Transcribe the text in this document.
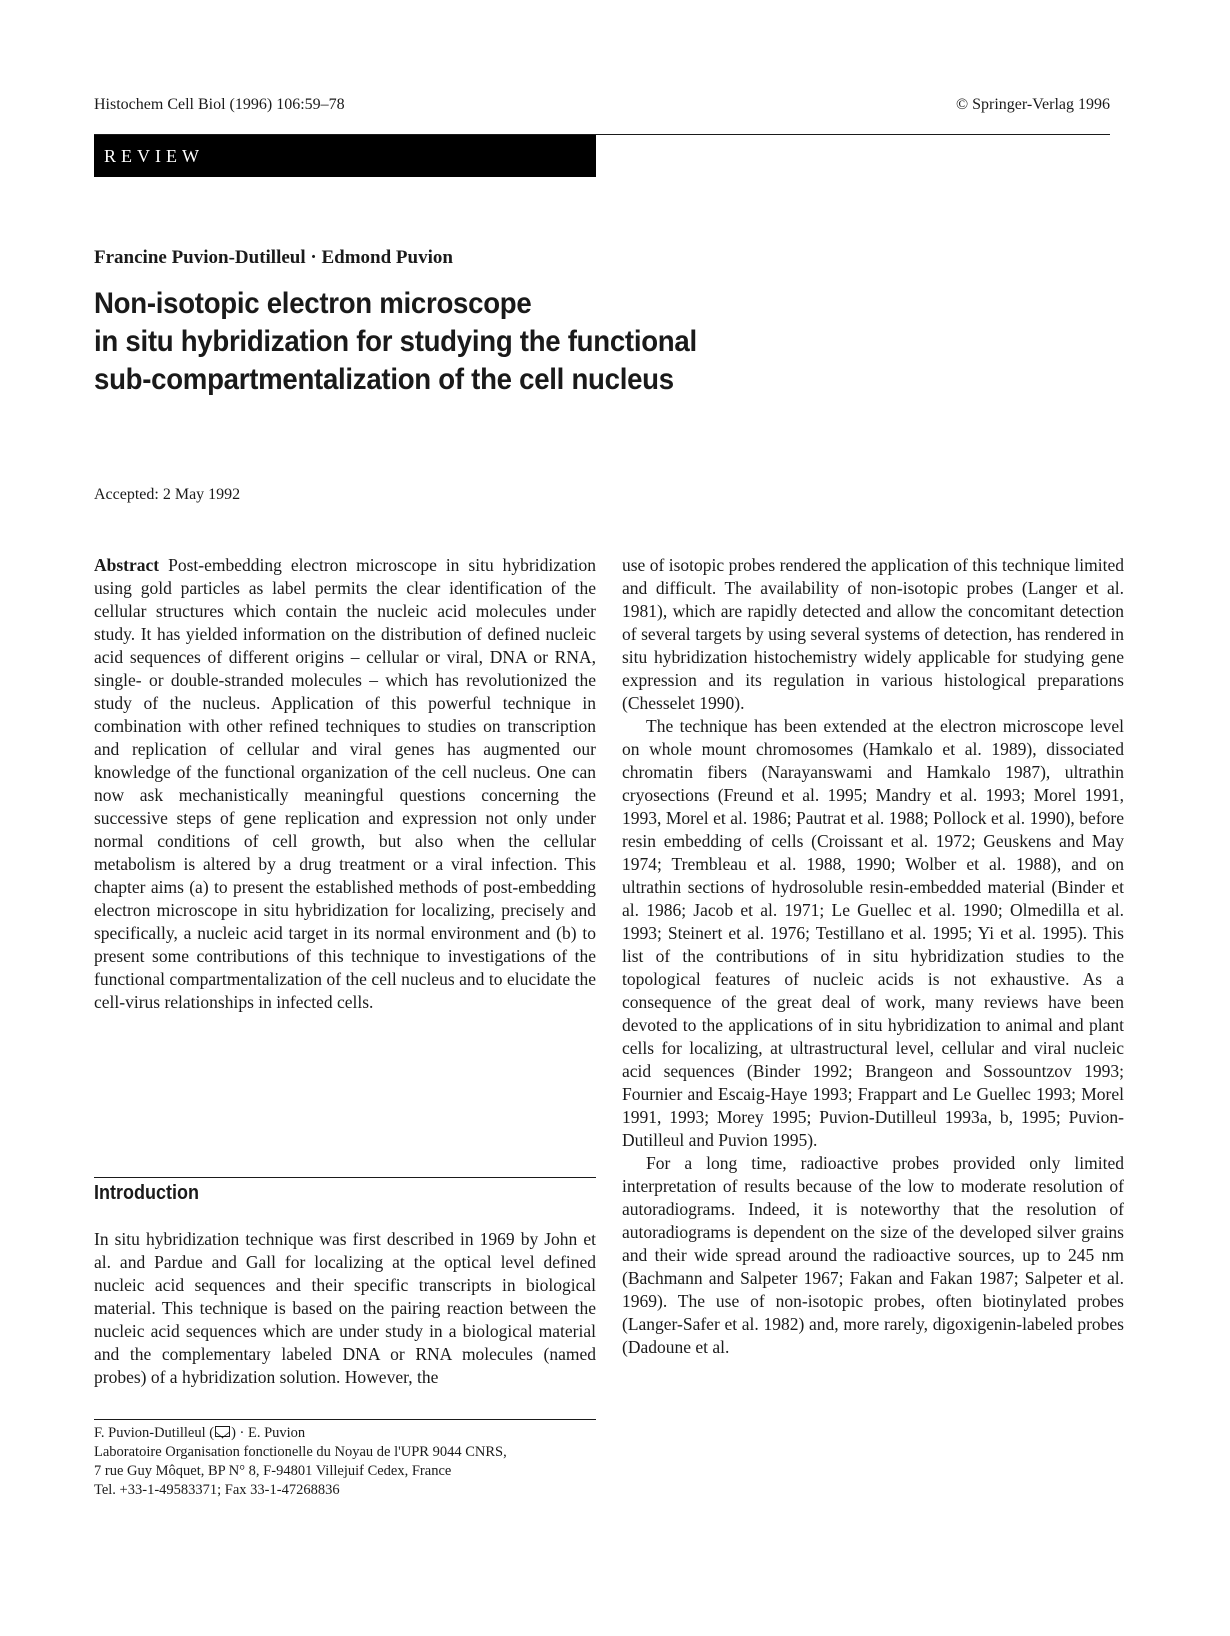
Histochem Cell Biol (1996) 106:59–78	© Springer-Verlag 1996
REVIEW
Francine Puvion-Dutilleul · Edmond Puvion
Non-isotopic electron microscope
in situ hybridization for studying the functional
sub-compartmentalization of the cell nucleus
Accepted: 2 May 1992

Abstract Post-embedding electron microscope in situ hybridization using gold particles as label permits the clear identification of the cellular structures which contain the nucleic acid molecules under study. It has yielded information on the distribution of defined nucleic acid sequences of different origins – cellular or viral, DNA or RNA, single- or double-stranded molecules – which has revolutionized the study of the nucleus. Application of this powerful technique in combination with other refined techniques to studies on transcription and replication of cellular and viral genes has augmented our knowledge of the functional organization of the cell nucleus. One can now ask mechanistically meaningful questions concerning the successive steps of gene replication and expression not only under normal conditions of cell growth, but also when the cellular metabolism is altered by a drug treatment or a viral infection. This chapter aims (a) to present the established methods of post-embedding electron microscope in situ hybridization for localizing, precisely and specifically, a nucleic acid target in its normal environment and (b) to present some contributions of this technique to investigations of the functional compartmentalization of the cell nucleus and to elucidate the cell-virus relationships in infected cells.

Introduction

In situ hybridization technique was first described in 1969 by John et al. and Pardue and Gall for localizing at the optical level defined nucleic acid sequences and their specific transcripts in biological material. This technique is based on the pairing reaction between the nucleic acid sequences which are under study in a biological material and the complementary labeled DNA or RNA molecules (named probes) of a hybridization solution. However, the

F. Puvion-Dutilleul ( ) · E. Puvion
Laboratoire Organisation fonctionelle du Noyau de l'UPR 9044 CNRS,
7 rue Guy Môquet, BP N° 8, F-94801 Villejuif Cedex, France
Tel. +33-1-49583371; Fax 33-1-47268836

use of isotopic probes rendered the application of this technique limited and difficult. The availability of non-isotopic probes (Langer et al. 1981), which are rapidly detected and allow the concomitant detection of several targets by using several systems of detection, has rendered in situ hybridization histochemistry widely applicable for studying gene expression and its regulation in various histological preparations (Chesselet 1990).

The technique has been extended at the electron microscope level on whole mount chromosomes (Hamkalo et al. 1989), dissociated chromatin fibers (Narayanswami and Hamkalo 1987), ultrathin cryosections (Freund et al. 1995; Mandry et al. 1993; Morel 1991, 1993, Morel et al. 1986; Pautrat et al. 1988; Pollock et al. 1990), before resin embedding of cells (Croissant et al. 1972; Geuskens and May 1974; Trembleau et al. 1988, 1990; Wolber et al. 1988), and on ultrathin sections of hydrosoluble resin-embedded material (Binder et al. 1986; Jacob et al. 1971; Le Guellec et al. 1990; Olmedilla et al. 1993; Steinert et al. 1976; Testillano et al. 1995; Yi et al. 1995). This list of the contributions of in situ hybridization studies to the topological features of nucleic acids is not exhaustive. As a consequence of the great deal of work, many reviews have been devoted to the applications of in situ hybridization to animal and plant cells for localizing, at ultrastructural level, cellular and viral nucleic acid sequences (Binder 1992; Brangeon and Sossountzov 1993; Fournier and Escaig-Haye 1993; Frappart and Le Guellec 1993; Morel 1991, 1993; Morey 1995; Puvion-Dutilleul 1993a, b, 1995; Puvion-Dutilleul and Puvion 1995).

For a long time, radioactive probes provided only limited interpretation of results because of the low to moderate resolution of autoradiograms. Indeed, it is noteworthy that the resolution of autoradiograms is dependent on the size of the developed silver grains and their wide spread around the radioactive sources, up to 245 nm (Bachmann and Salpeter 1967; Fakan and Fakan 1987; Salpeter et al. 1969). The use of non-isotopic probes, often biotinylated probes (Langer-Safer et al. 1982) and, more rarely, digoxigenin-labeled probes (Dadoune et al.
